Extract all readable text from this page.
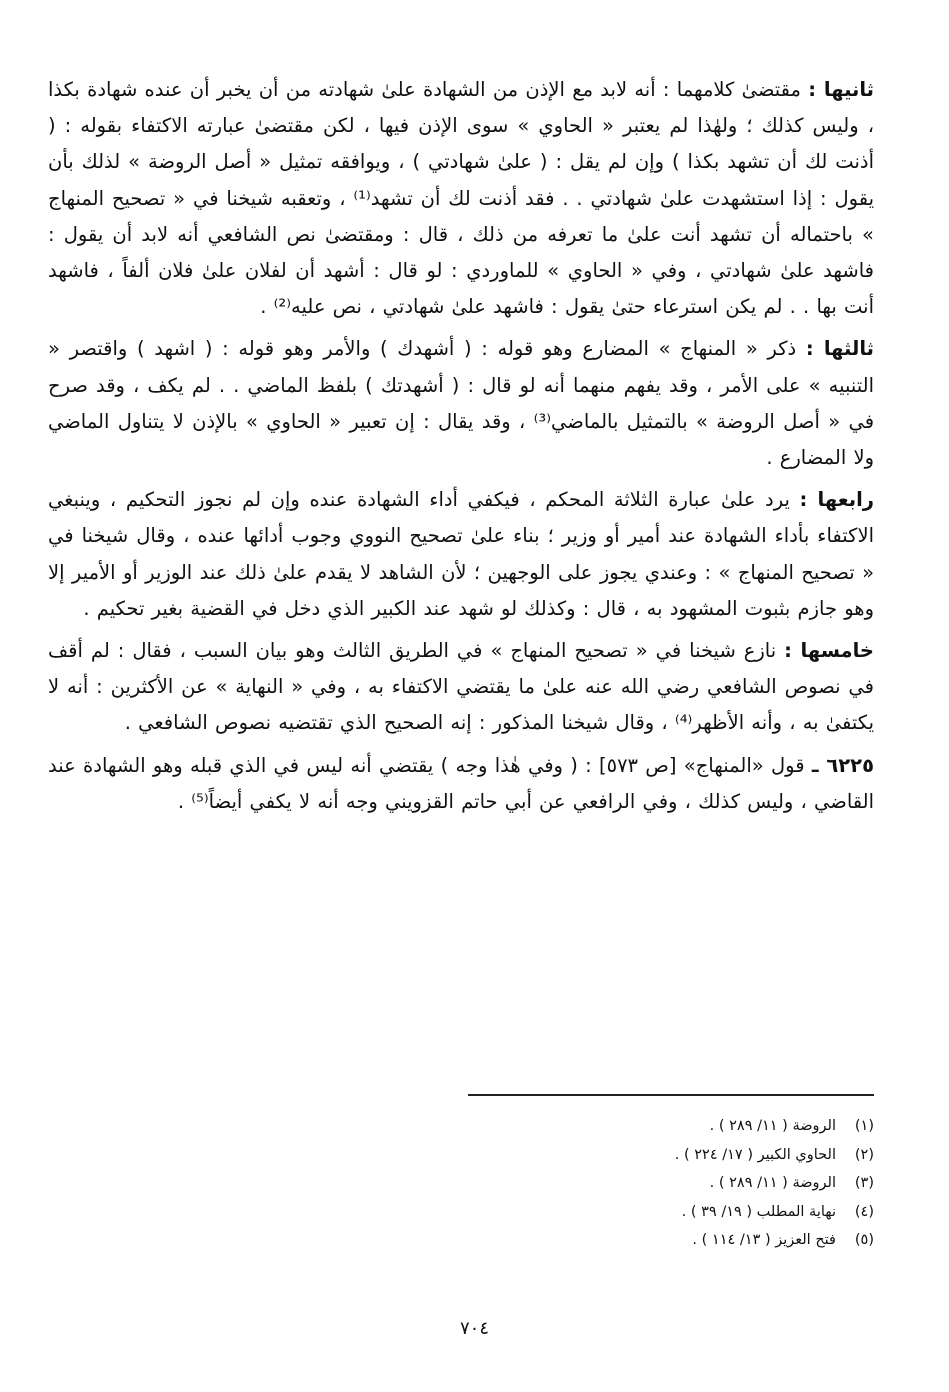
ثانيها : مقتضىٰ كلامهما : أنه لابد مع الإذن من الشهادة علىٰ شهادته من أن يخبر أن عنده شهادة بكذا ، وليس كذلك ؛ ولهٰذا لم يعتبر « الحاوي » سوى الإذن فيها ، لكن مقتضىٰ عبارته الاكتفاء بقوله : ( أذنت لك أن تشهد بكذا ) وإن لم يقل : ( علىٰ شهادتي ) ، ويوافقه تمثيل « أصل الروضة » لذلك بأن يقول : إذا استشهدت علىٰ شهادتي . . فقد أذنت لك أن تشهد⁽¹⁾ ، وتعقبه شيخنا في « تصحيح المنهاج » باحتماله أن تشهد أنت علىٰ ما تعرفه من ذلك ، قال : ومقتضىٰ نص الشافعي أنه لابد أن يقول : فاشهد علىٰ شهادتي ، وفي « الحاوي » للماوردي : لو قال : أشهد أن لفلان علىٰ فلان ألفاً ، فاشهد أنت بها . . لم يكن استرعاء حتىٰ يقول : فاشهد علىٰ شهادتي ، نص عليه⁽²⁾ .

ثالثها : ذكر « المنهاج » المضارع وهو قوله : ( أشهدك ) والأمر وهو قوله : ( اشهد ) واقتصر « التنبيه » على الأمر ، وقد يفهم منهما أنه لو قال : ( أشهدتك ) بلفظ الماضي . . لم يكف ، وقد صرح في « أصل الروضة » بالتمثيل بالماضي⁽³⁾ ، وقد يقال : إن تعبير « الحاوي » بالإذن لا يتناول الماضي ولا المضارع .

رابعها : يرد علىٰ عبارة الثلاثة المحكم ، فيكفي أداء الشهادة عنده وإن لم نجوز التحكيم ، وينبغي الاكتفاء بأداء الشهادة عند أمير أو وزير ؛ بناء علىٰ تصحيح النووي وجوب أدائها عنده ، وقال شيخنا في « تصحيح المنهاج » : وعندي يجوز على الوجهين ؛ لأن الشاهد لا يقدم علىٰ ذلك عند الوزير أو الأمير إلا وهو جازم بثبوت المشهود به ، قال : وكذلك لو شهد عند الكبير الذي دخل في القضية بغير تحكيم .

خامسها : نازع شيخنا في « تصحيح المنهاج » في الطريق الثالث وهو بيان السبب ، فقال : لم أقف في نصوص الشافعي رضي الله عنه علىٰ ما يقتضي الاكتفاء به ، وفي « النهاية » عن الأكثرين : أنه لا يكتفىٰ به ، وأنه الأظهر⁽⁴⁾ ، وقال شيخنا المذكور : إنه الصحيح الذي تقتضيه نصوص الشافعي .

٦٢٢٥ ـ قول «المنهاج» [ص ٥٧٣] : ( وفي هٰذا وجه ) يقتضي أنه ليس في الذي قبله وهو الشهادة عند القاضي ، وليس كذلك ، وفي الرافعي عن أبي حاتم القزويني وجه أنه لا يكفي أيضاً⁽⁵⁾ .

(١)الروضة ( ١١/ ٢٨٩ ) .
(٢)الحاوي الكبير ( ١٧/ ٢٢٤ ) .
(٣)الروضة ( ١١/ ٢٨٩ ) .
(٤)نهاية المطلب ( ١٩/ ٣٩ ) .
(٥)فتح العزيز ( ١٣/ ١١٤ ) .
٧٠٤
